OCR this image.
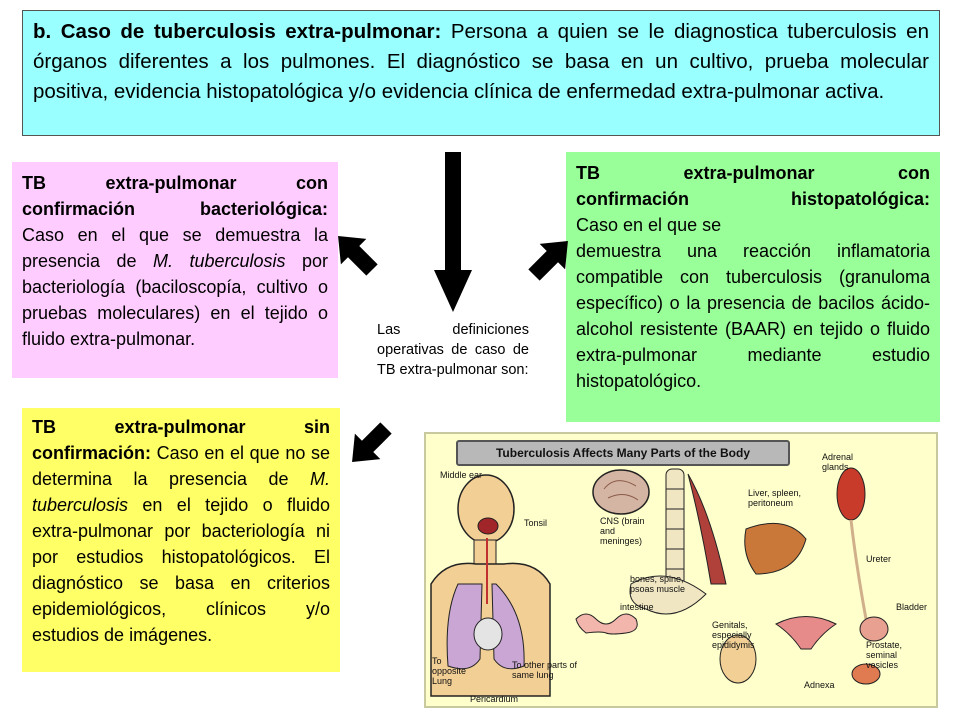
b. Caso de tuberculosis extra-pulmonar: Persona a quien se le diagnostica tuberculosis en órganos diferentes a los pulmones. El diagnóstico se basa en un cultivo, prueba molecular positiva, evidencia histopatológica y/o evidencia clínica de enfermedad extra-pulmonar activa.
TB extra-pulmonar con
confirmación bacteriológica:
Caso en el que se demuestra la presencia de M. tuberculosis por bacteriología (baciloscopía, cultivo o pruebas moleculares) en el tejido o fluido extra-pulmonar.
TB extra-pulmonar con
confirmación histopatológica:
Caso en el que se
demuestra una reacción inflamatoria compatible con tuberculosis (granuloma específico) o la presencia de bacilos ácido-alcohol resistente (BAAR) en tejido o fluido extra-pulmonar mediante estudio histopatológico.
TB extra-pulmonar sin confirmación: Caso en el que no se determina la presencia de M. tuberculosis en el tejido o fluido extra-pulmonar por bacteriología ni por estudios histopatológicos. El diagnóstico se basa en criterios epidemiológicos, clínicos y/o estudios de imágenes.
Las definiciones operativas de caso de TB extra-pulmonar son:
Tuberculosis Affects Many Parts of the Body
Middle ear
Tonsil	CNS (brain and meninges)
Adrenal glands
Liver, spleen, peritoneum
Ureter
bones, spine, psoas muscle
intestine	Bladder
Genitals, especially epididymis	Prostate, seminal vesicles
To opposite Lung
To other parts of same lung
Pericardium
Adnexa
